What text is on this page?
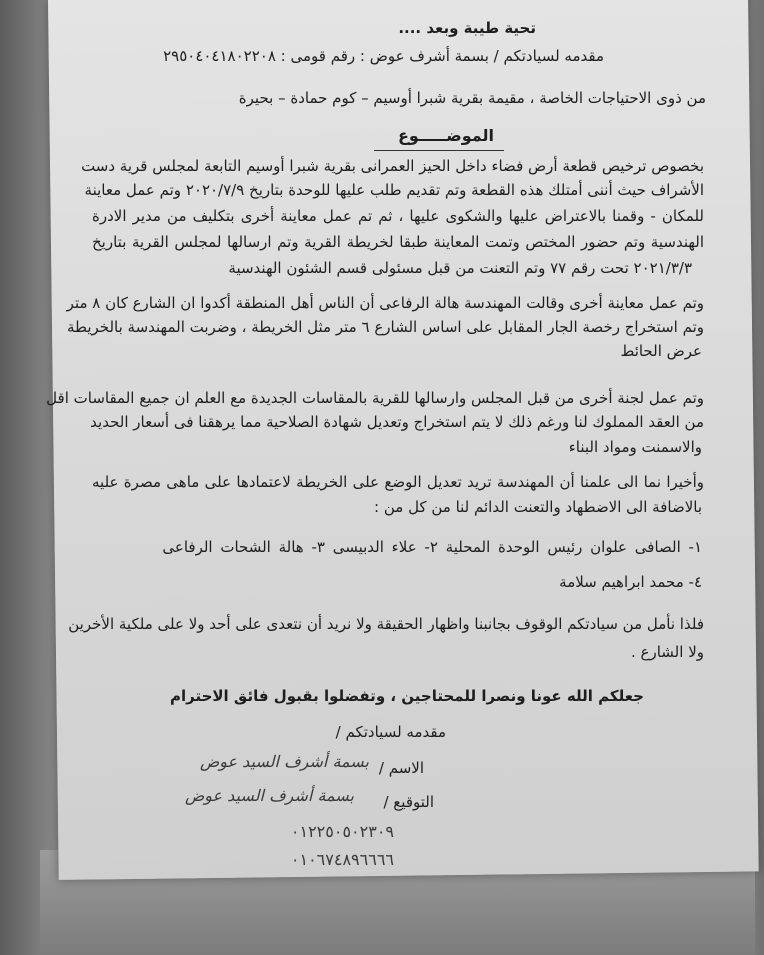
تحية طيبة وبعد ....
مقدمه لسيادتكم / بسمة أشرف عوض : رقم قومى : ٢٩٥٠٤٠٤١٨٠٢٢٠٨
من ذوى الاحتياجات الخاصة ، مقيمة بقرية شبرا أوسيم – كوم حمادة – بحيرة
الموضـــــوع
بخصوص ترخيص قطعة أرض فضاء داخل الحيز العمرانى بقرية شبرا أوسيم التابعة لمجلس قرية دست
الأشراف حيث أننى أمتلك هذه القطعة وتم تقديم طلب عليها للوحدة بتاريخ ٢٠٢٠/٧/٩ وتم عمل معاينة
للمكان - وقمنا بالاعتراض عليها والشكوى عليها ، ثم تم عمل معاينة أخرى بتكليف من مدير الادرة
الهندسية وتم حضور المختص وتمت المعاينة طبقا لخريطة القرية وتم ارسالها لمجلس القرية بتاريخ
٢٠٢١/٣/٣ تحت رقم ٧٧ وتم التعنت من قبل مسئولى قسم الشئون الهندسية
وتم عمل معاينة أخرى وقالت المهندسة هالة الرفاعى أن الناس أهل المنطقة أكدوا ان الشارع كان ٨ متر
وتم استخراج رخصة الجار المقابل على اساس الشارع ٦ متر مثل الخريطة ، وضربت المهندسة بالخريطة
عرض الحائط
وتم عمل لجنة أخرى من قبل المجلس وارسالها للقرية بالمقاسات الجديدة مع العلم ان جميع المقاسات اقل
من العقد المملوك لنا ورغم ذلك لا يتم استخراج وتعديل شهادة الصلاحية مما يرهقنا فى أسعار الحديد
والاسمنت ومواد البناء
وأخيرا نما الى علمنا أن المهندسة تريد تعديل الوضع على الخريطة لاعتمادها على ماهى مصرة عليه
بالاضافة الى الاضطهاد والتعنت الدائم لنا من كل من :
١- الصافى علوان رئيس الوحدة المحلية ٢- علاء الدبيسى ٣- هالة الشحات الرفاعى
٤- محمد ابراهيم سلامة
فلذا نأمل من سيادتكم الوقوف بجانبنا واظهار الحقيقة ولا نريد أن نتعدى على أحد ولا على ملكية الأخرين
ولا الشارع .
جعلكم الله عونا ونصرا للمحتاجين ، وتفضلوا بقبول فائق الاحترام
مقدمه لسيادتكم /
الاسم /
بسمة أشرف السيد عوض
التوقيع /
بسمة أشرف السيد عوض
٠١٢٢٥٠٥٠٢٣٠٩
٠١٠٦٧٤٨٩٦٦٦٦
